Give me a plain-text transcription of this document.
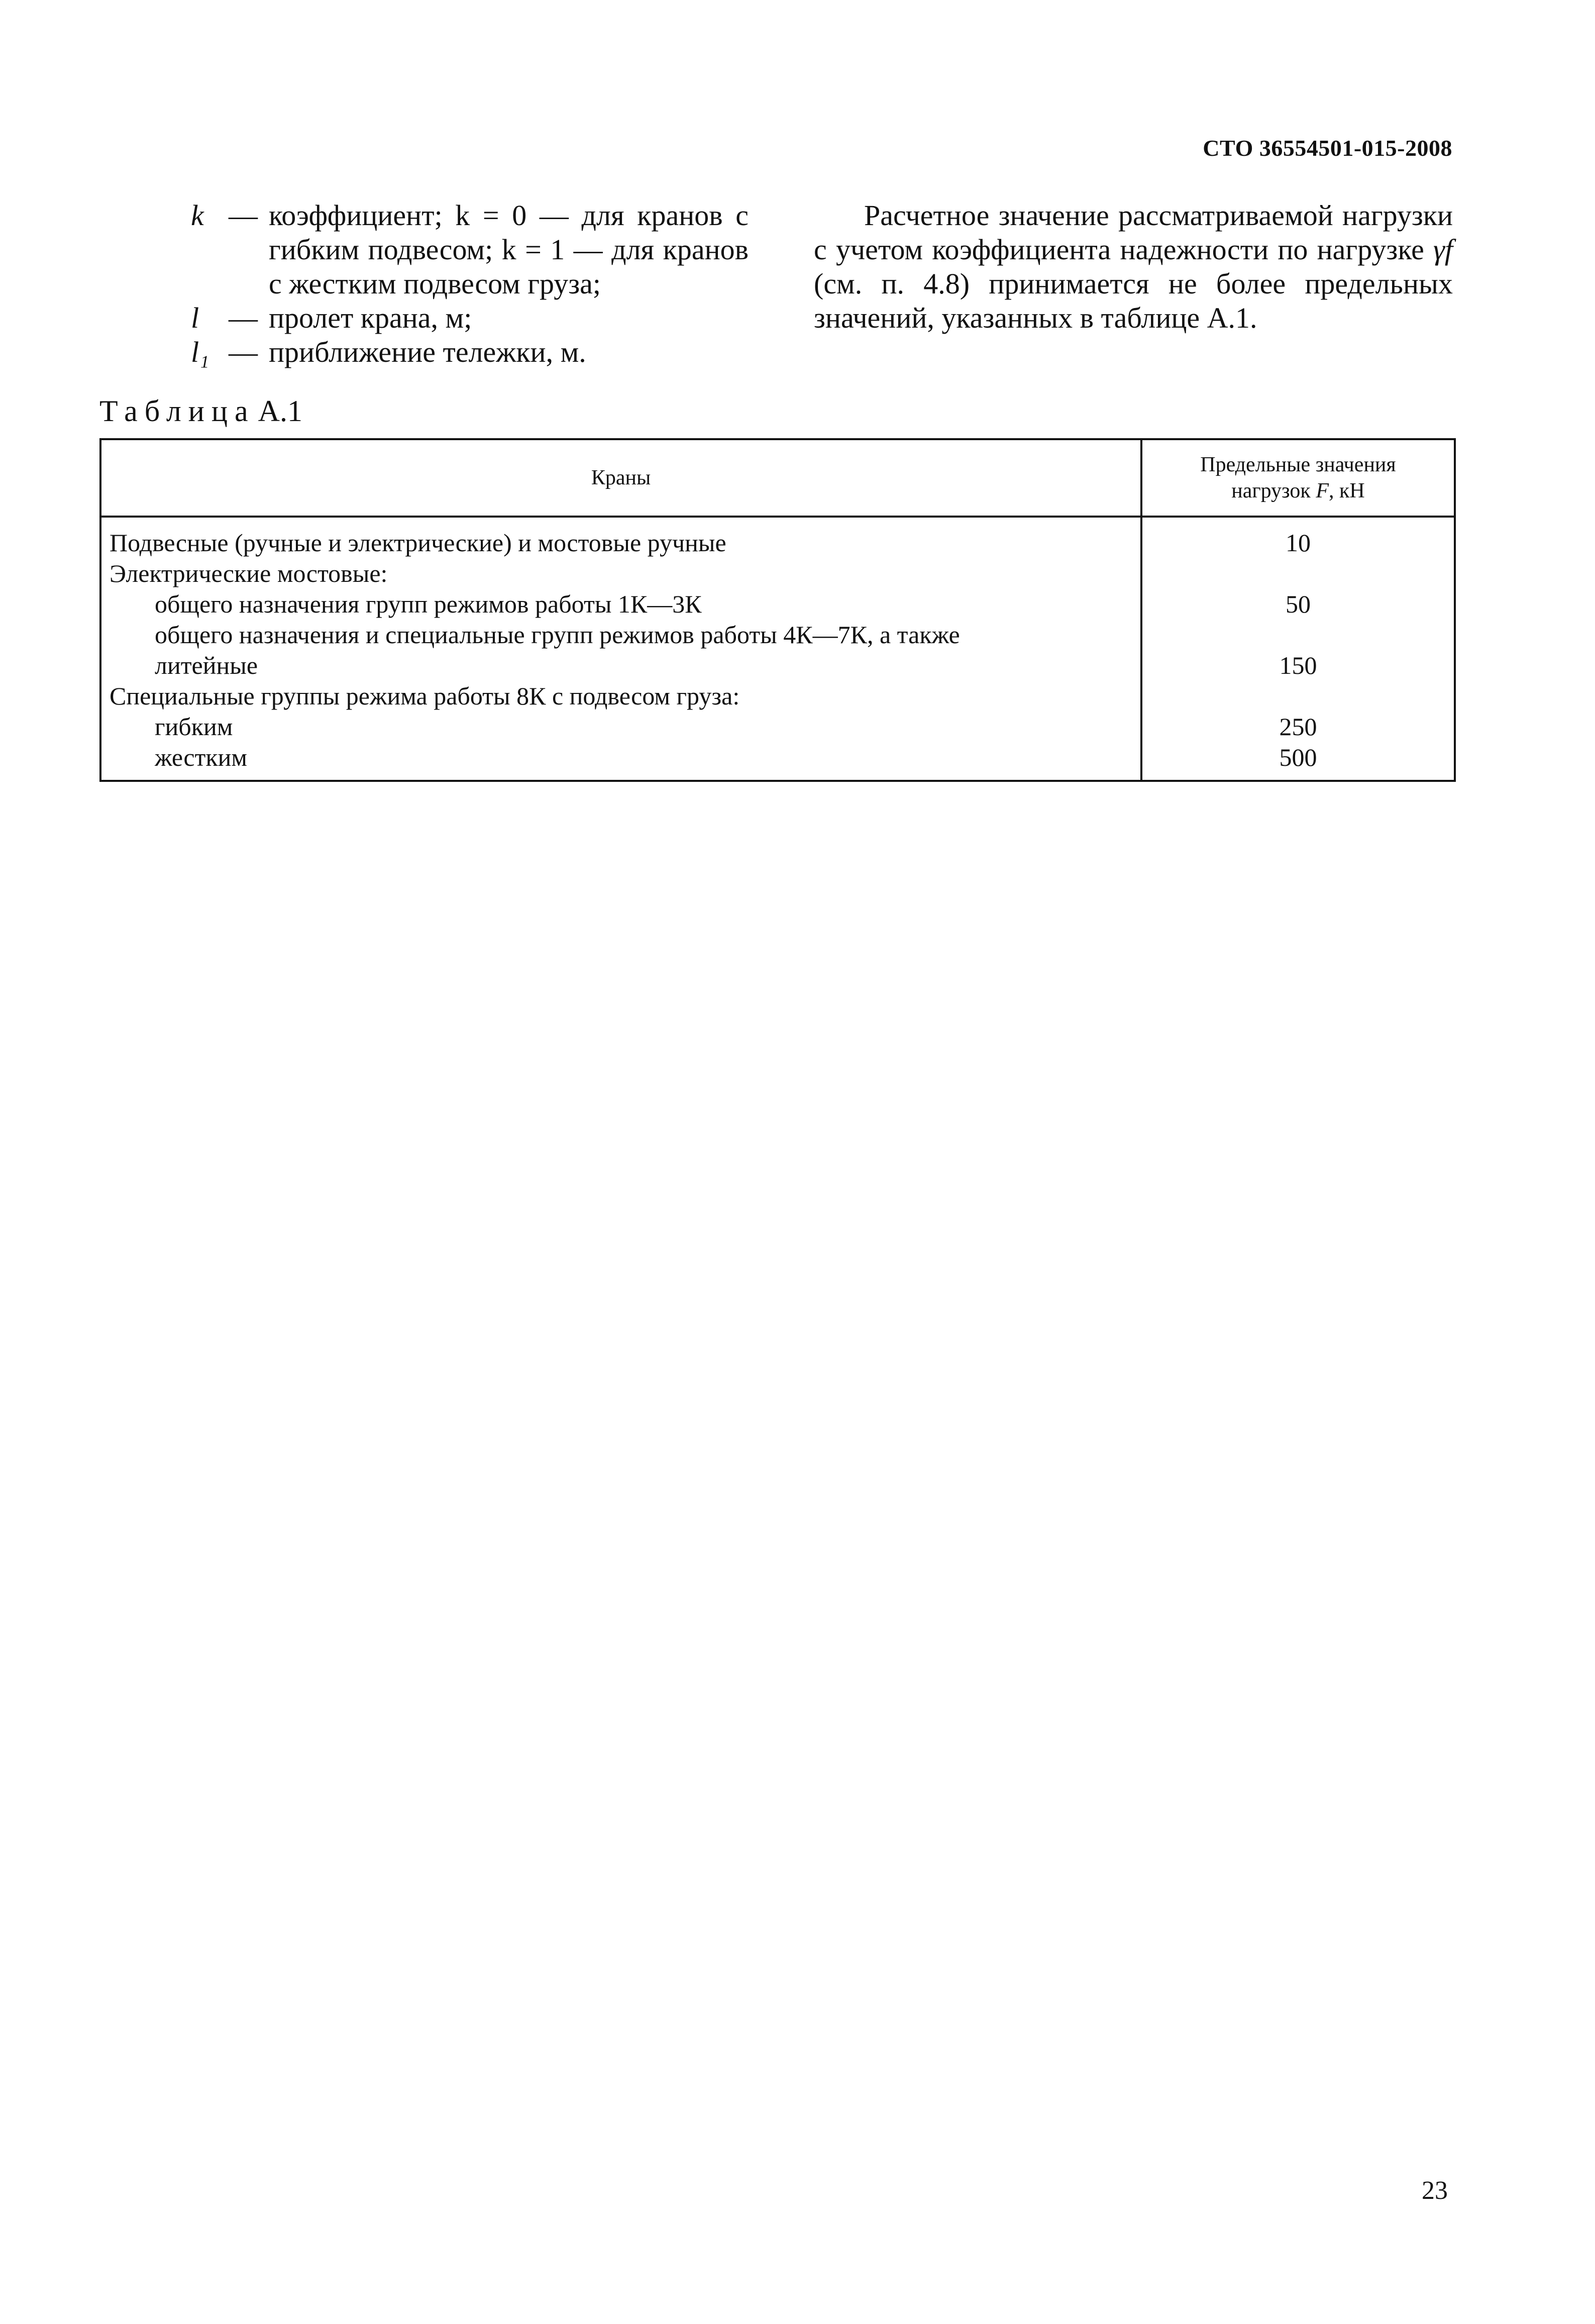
СТО 36554501-015-2008
k — коэффициент; k = 0 — для кранов с гибким подвесом; k = 1 — для кранов с жестким подвесом груза;
l	— пролет крана, м;
l₁ — приближение тележки, м.
Расчетное значение рассматриваемой нагрузки с учетом коэффициента надежности по нагрузке γf (см. п. 4.8) принимается не более предельных значений, указанных в таблице А.1.
Таблица А.1
Краны
Предельные значения
нагрузок F, кН
Подвесные (ручные и электрические) и мостовые ручные
Электрические мостовые:
общего назначения групп режимов работы 1К—3К
общего назначения и специальные групп режимов работы 4К—7К, а также
литейные
Специальные группы режима работы 8К с подвесом груза:
гибким
жестким
10
50
150
250
500
23
